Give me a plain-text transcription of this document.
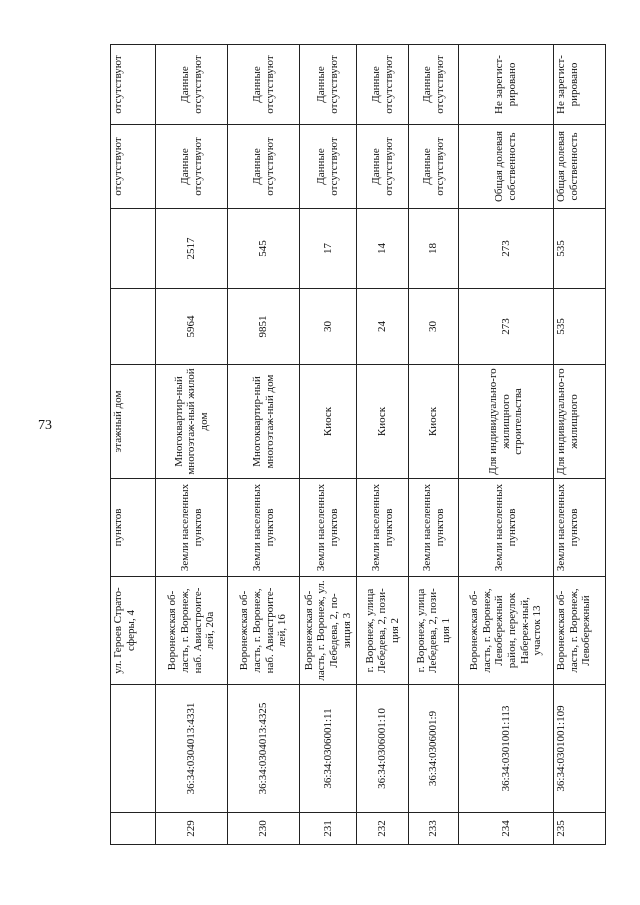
73
		ул. Героев Страто-сферы, 4	пунктов	этажный дом			отсутствуют	отсутствуют
229	36:34:0304013:4331	Воронежская об-ласть, г. Воронеж, наб. Авиастроите-лей, 20а	Земли населенных пунктов	Многоквартир-ный многоэтаж-ный жилой дом	5964	2517	Данные отсутствуют	Данные отсутствуют
230	36:34:0304013:4325	Воронежская об-ласть, г. Воронеж, наб. Авиастроите-лей, 16	Земли населенных пунктов	Многоквартир-ный многоэтаж-ный дом	9851	545	Данные отсутствуют	Данные отсутствуют
231	36:34:0306001:11	Воронежская об-ласть, г. Воронеж, ул. Лебедева, 2, по-зиция 3	Земли населенных пунктов	Киоск	30	17	Данные отсутствуют	Данные отсутствуют
232	36:34:0306001:10	г. Воронеж, улица Лебедева, 2, пози-ция 2	Земли населенных пунктов	Киоск	24	14	Данные отсутствуют	Данные отсутствуют
233	36:34:0306001:9	г. Воронеж, улица Лебедева, 2, пози-ция 1	Земли населенных пунктов	Киоск	30	18	Данные отсутствуют	Данные отсутствуют
234	36:34:0301001:113	Воронежская об-ласть, г. Воронеж, Левобережный район, переулок Набереж-ный, участок 13	Земли населенных пунктов	Для индивидуально-го жилищного строительства	273	273	Общая долевая собственность	Не зарегист-рировано
235	36:34:0301001:109	Воронежская об-ласть, г. Воронеж, Левобережный	Земли населенных пунктов	Для индивидуально-го жилищного	535	535	Общая долевая собственность	Не зарегист-рировано
